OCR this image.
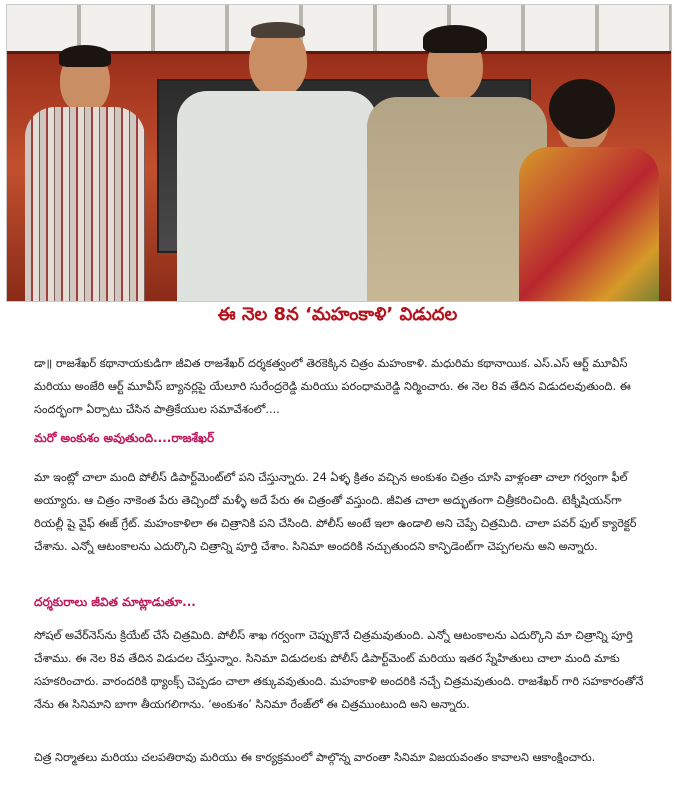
ఈ నెల 8న ‘మహంకాళి’ విడుదల
డా॥ రాజశేఖర్ కథానాయకుడిగా జీవిత రాజశేఖర్ దర్శకత్వంలో తెరకెక్కిన చిత్రం మహంకాళి. మధురిమ కథానాయిక. ఎస్.ఎస్ ఆర్ట్ మూవీస్ మరియు అంజేరి ఆర్ట్ మూవీస్ బ్యానర్లపై యేలూరి సురేంద్రరెడ్డి మరియు పరంధామరెడ్డి నిర్మించారు. ఈ నెల 8వ తేదిన విడుదలవుతుంది. ఈ సందర్భంగా ఏర్పాటు చేసిన పాత్రికేయుల సమావేశంలో....
మరో అంకుశం అవుతుంది....రాజశేఖర్
మా ఇంట్లో చాలా మంది పోలీస్ డిపార్ట్‌మెంట్‌లో పని చేస్తున్నారు. 24 ఏళ్ళ క్రితం వచ్చిన అంకుశం చిత్రం చూసి వాళ్లంతా చాలా గర్వంగా ఫీల్ అయ్యారు. ఆ చిత్రం నాకెంత పేరు తెచ్చిందో మళ్ళీ అదే పేరు ఈ చిత్రంతో వస్తుంది. జీవిత చాలా అద్భుతంగా చిత్రీకరించింది. టెక్నీషియన్‌గా రియల్లీ షై వైఫ్ ఈజ్ గ్రేట్. మహంకాళిలా ఈ చిత్రానికి పని చేసింది. పోలీస్ అంటే ఇలా ఉండాలి అని చెప్పే చిత్రమిది. చాలా పవర్ ఫుల్ క్యారెక్టర్ చేశాను. ఎన్నో ఆటంకాలను ఎదుర్కొని చిత్రాన్ని పూర్తి చేశాం. సినిమా అందరికి నచ్చుతుందని కాన్ఫిడెంట్‌గా చెప్పగలను అని అన్నారు.
దర్శకురాలు జీవిత మాట్లాడుతూ...
సోషల్ అవేర్‌నెస్‌ను క్రియేట్ చేసే చిత్రమిది. పోలీస్ శాఖ గర్వంగా చెప్పుకొనే చిత్రమవుతుంది. ఎన్నో ఆటంకాలను ఎదుర్కొని మా చిత్రాన్ని పూర్తి చేశాము. ఈ నెల 8వ తేదిన విడుదల చేస్తున్నాం. సినిమా విడుదలకు పోలీస్ డిపార్ట్‌మెంట్ మరియు ఇతర స్నేహితులు చాలా మంది మాకు సహకరించారు. వారందరికి థ్యాంక్స్ చెప్పడం చాలా తక్కువవుతుంది. మహంకాళి అందరికి నచ్చే చిత్రమవుతుంది. రాజశేఖర్ గారి సహకారంతోనే నేను ఈ సినిమాని బాగా తీయగలిగాను. ‘అంకుశం’ సినిమా రేంజ్‌లో ఈ చిత్రముంటుంది అని అన్నారు.
చిత్ర నిర్మాతలు మరియు చలపతిరావు మరియు ఈ కార్యక్రమంలో పాల్గొన్న వారంతా సినిమా విజయవంతం కావాలని ఆకాంక్షించారు.
